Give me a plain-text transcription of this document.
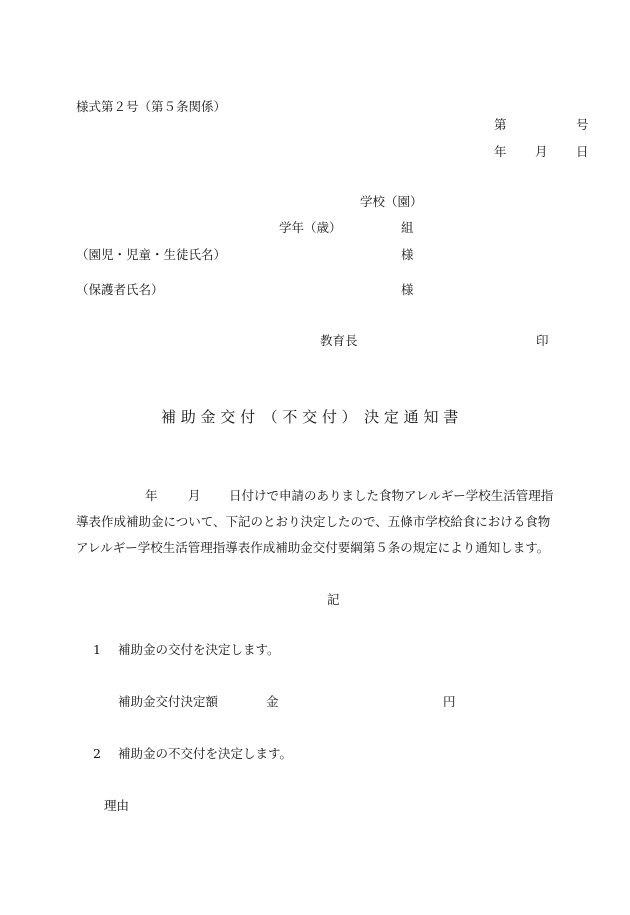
様式第２号（第５条関係）
第	号
年 月 日
学校（園）
学年（歳）	組
（園児・児童・生徒氏名）	様
（保護者氏名）	様
教育長	印
補 助 金 交 付　（ 不 交 付 ）　決 定 通 知 書
年 月 日付けで申請のありました食物アレルギー学校生活管理指
導表作成補助金について、下記のとおり決定したので、五條市学校給食における食物
アレルギー学校生活管理指導表作成補助金交付要綱第５条の規定により通知します。
記
1 補助金の交付を決定します。
補助金交付決定額	金	円
2 補助金の不交付を決定します。
理由
